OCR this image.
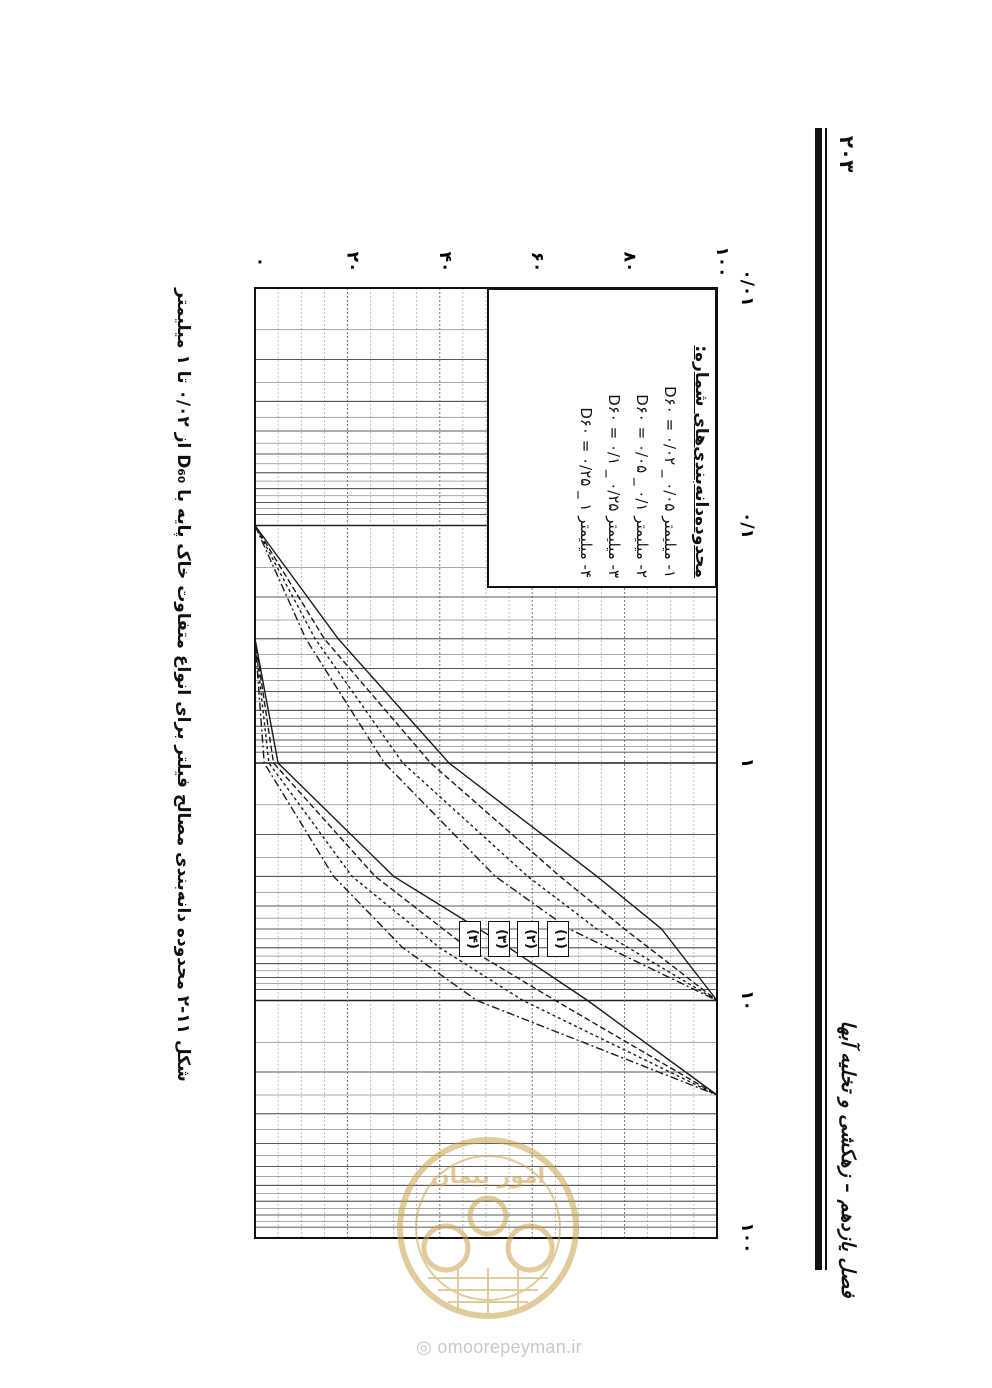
۲۰۳
فصل یازدهم – زهکشی و تخلیه آبها
شکل ۱۱-۲ محدوده دانه‌بندی مصالح فیلتر برای انواع متفاوت خاک پایه با D₆₀ از ۰/۰۲ تا ۱ میلیمتر
۰	۲۰	۴۰	۶۰	۸۰	۱۰۰
۰/۰۱
۰/۱
۱
۱۰
۱۰۰
محدوده‌دانه‌بندی‌های شماره:
۱- میلیمتر ۰/۰۵ _ ۰/۰۲ = D۶۰
۲- میلیمتر ۰/۱ _ ۰/۰۵ = D۶۰
۳- میلیمتر ۰/۲۵ _ ۰/۱ = D۶۰
۴- میلیمتر ۱ _ ۰/۲۵ = D۶۰
(۱)
(۲)
(۳)
(۴)
امور پیمان
◎ omoorepeyman.ir
